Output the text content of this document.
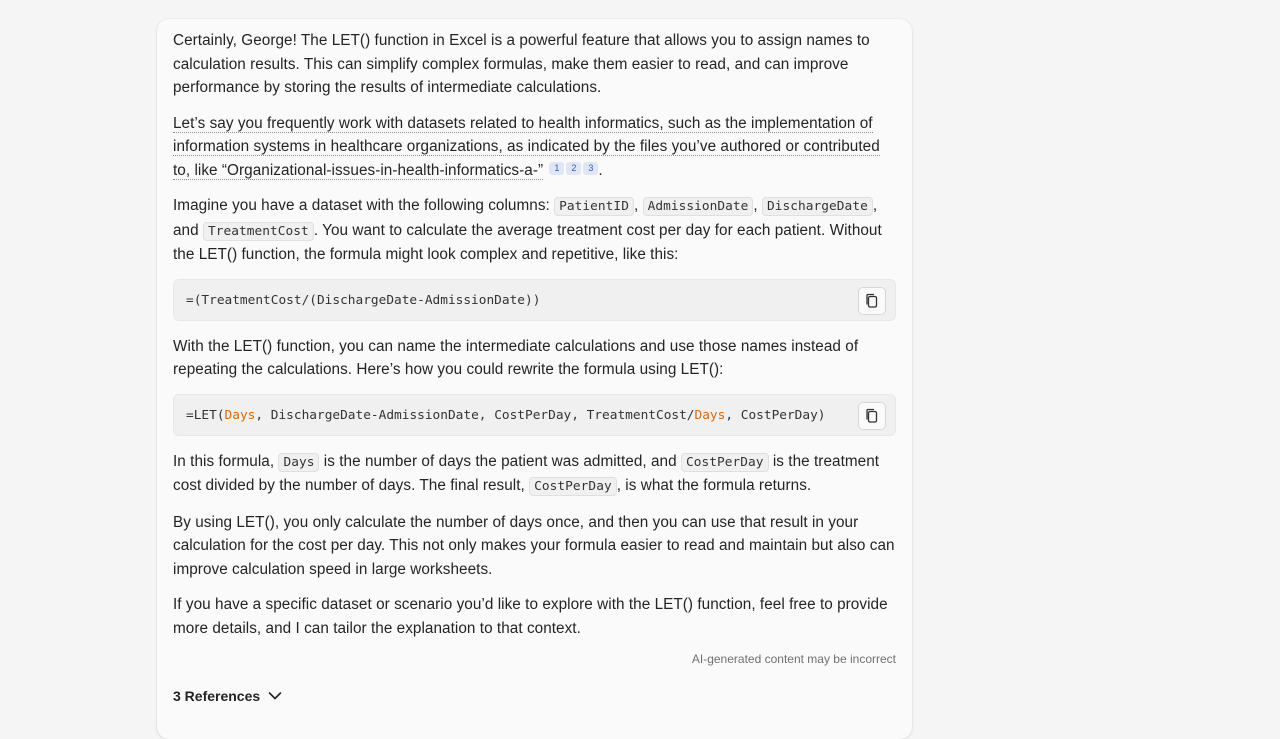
Certainly, George! The LET() function in Excel is a powerful feature that allows you to assign names to calculation results. This can simplify complex formulas, make them easier to read, and can improve performance by storing the results of intermediate calculations.

Let’s say you frequently work with datasets related to health informatics, such as the implementation of information systems in healthcare organizations, as indicated by the files you’ve authored or contributed to, like “Organizational-issues-in-health-informatics-a-” 1 2 3 .

Imagine you have a dataset with the following columns: PatientID , AdmissionDate , DischargeDate , and TreatmentCost . You want to calculate the average treatment cost per day for each patient. Without the LET() function, the formula might look complex and repetitive, like this:

=(TreatmentCost/(DischargeDate-AdmissionDate))

With the LET() function, you can name the intermediate calculations and use those names instead of repeating the calculations. Here’s how you could rewrite the formula using LET():

=LET(Days, DischargeDate-AdmissionDate, CostPerDay, TreatmentCost/Days, CostPerDay)

In this formula, Days is the number of days the patient was admitted, and CostPerDay is the treatment cost divided by the number of days. The final result, CostPerDay , is what the formula returns.

By using LET(), you only calculate the number of days once, and then you can use that result in your calculation for the cost per day. This not only makes your formula easier to read and maintain but also can improve calculation speed in large worksheets.

If you have a specific dataset or scenario you’d like to explore with the LET() function, feel free to provide more details, and I can tailor the explanation to that context.

AI-generated content may be incorrect
3 References
